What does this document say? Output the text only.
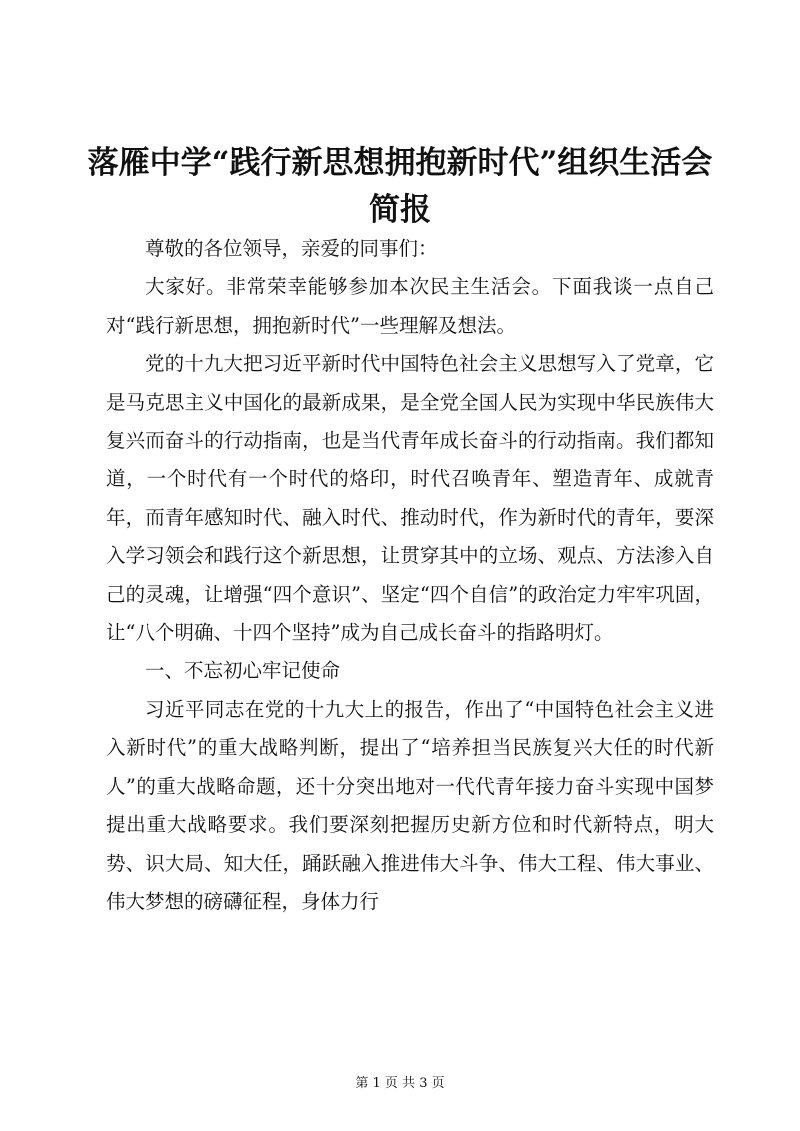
落雁中学“践行新思想拥抱新时代”组织生活会简报

尊敬的各位领导，亲爱的同事们：

大家好。非常荣幸能够参加本次民主生活会。下面我谈一点自己对“践行新思想，拥抱新时代”一些理解及想法。

党的十九大把习近平新时代中国特色社会主义思想写入了党章，它是马克思主义中国化的最新成果，是全党全国人民为实现中华民族伟大复兴而奋斗的行动指南，也是当代青年成长奋斗的行动指南。我们都知道，一个时代有一个时代的烙印，时代召唤青年、塑造青年、成就青年，而青年感知时代、融入时代、推动时代，作为新时代的青年，要深入学习领会和践行这个新思想，让贯穿其中的立场、观点、方法渗入自己的灵魂，让增强“四个意识”、坚定“四个自信”的政治定力牢牢巩固，让“八个明确、十四个坚持”成为自己成长奋斗的指路明灯。

一、不忘初心牢记使命

习近平同志在党的十九大上的报告，作出了“中国特色社会主义进入新时代”的重大战略判断，提出了“培养担当民族复兴大任的时代新人”的重大战略命题，还十分突出地对一代代青年接力奋斗实现中国梦提出重大战略要求。我们要深刻把握历史新方位和时代新特点，明大势、识大局、知大任，踊跃融入推进伟大斗争、伟大工程、伟大事业、伟大梦想的磅礴征程，身体力行

第 1 页 共 3 页
